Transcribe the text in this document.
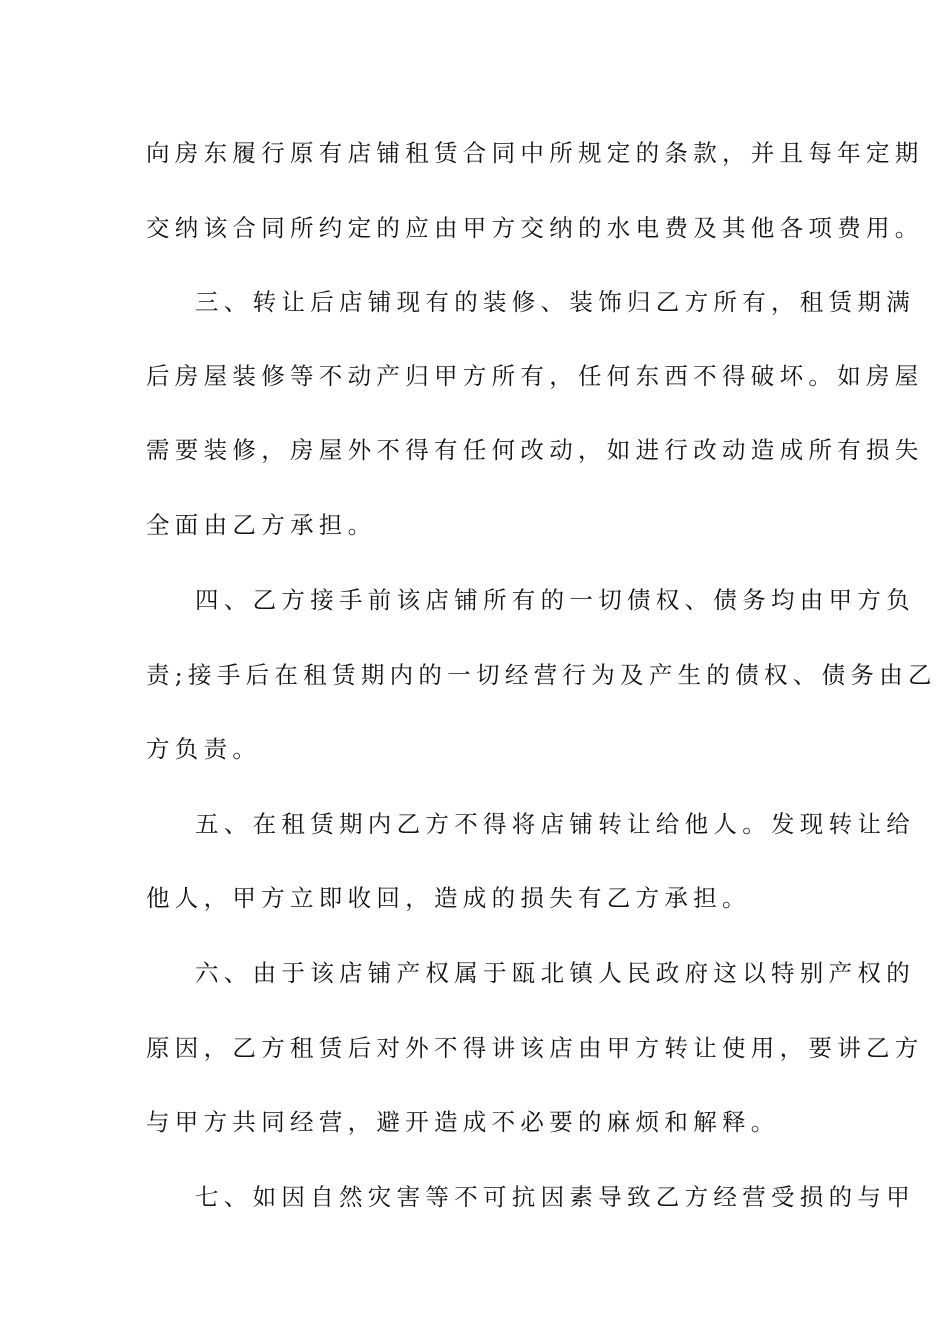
向房东履行原有店铺租赁合同中所规定的条款，并且每年定期
交纳该合同所约定的应由甲方交纳的水电费及其他各项费用。
三、转让后店铺现有的装修、装饰归乙方所有，租赁期满
后房屋装修等不动产归甲方所有，任何东西不得破坏。如房屋
需要装修，房屋外不得有任何改动，如进行改动造成所有损失
全面由乙方承担。
四、乙方接手前该店铺所有的一切债权、债务均由甲方负
责;接手后在租赁期内的一切经营行为及产生的债权、债务由乙
方负责。
五、在租赁期内乙方不得将店铺转让给他人。发现转让给
他人，甲方立即收回，造成的损失有乙方承担。
六、由于该店铺产权属于瓯北镇人民政府这以特别产权的
原因，乙方租赁后对外不得讲该店由甲方转让使用，要讲乙方
与甲方共同经营，避开造成不必要的麻烦和解释。
七、如因自然灾害等不可抗因素导致乙方经营受损的与甲
